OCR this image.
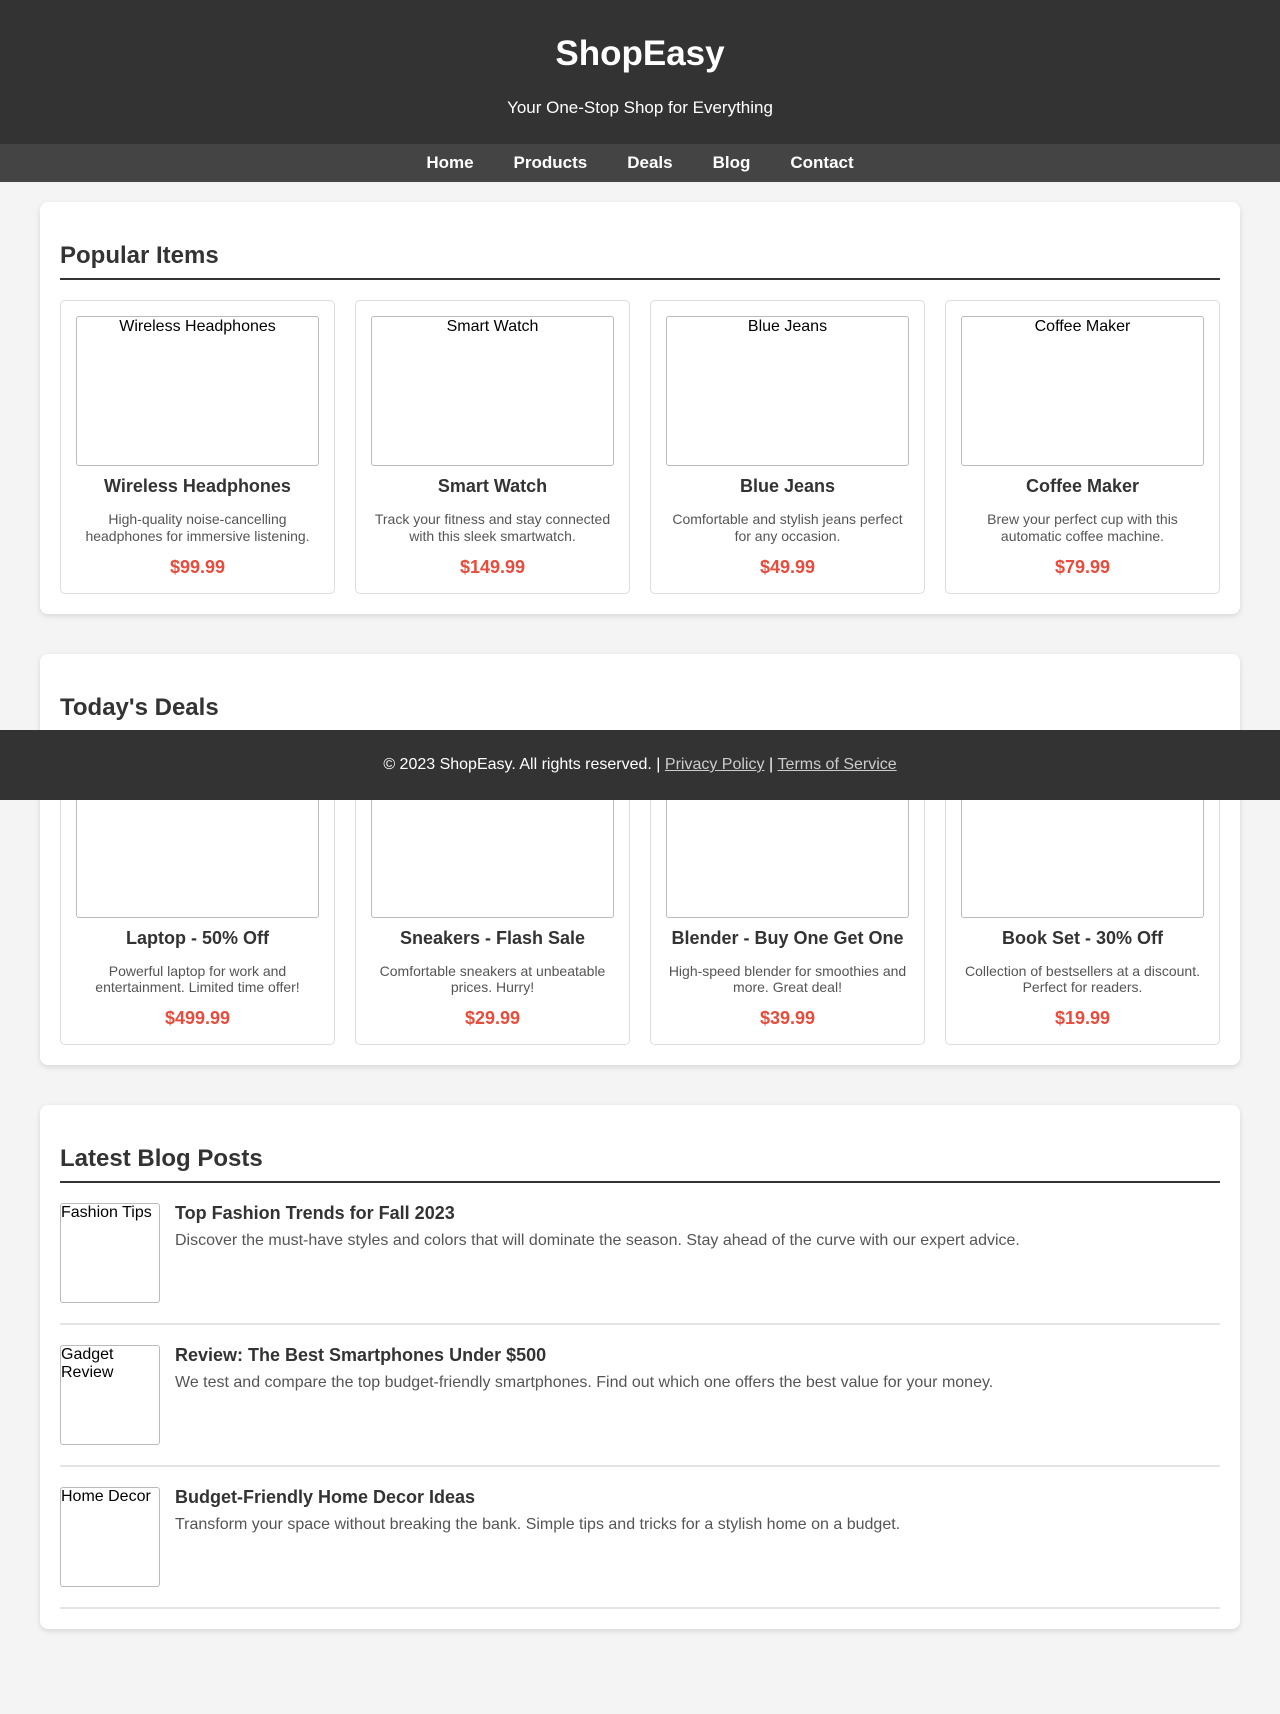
ShopEasy

Your One-Stop Shop for Everything

Home Products Deals Blog Contact
Popular Items
Wireless Headphones
Wireless Headphones

High-quality noise-cancelling headphones for immersive listening.

$99.99
Smart Watch
Smart Watch

Track your fitness and stay connected with this sleek smartwatch.

$149.99
Blue Jeans
Blue Jeans

Comfortable and stylish jeans perfect for any occasion.

$49.99
Coffee Maker
Coffee Maker

Brew your perfect cup with this automatic coffee machine.

$79.99
Today's Deals
Laptop - 50% Off

Powerful laptop for work and entertainment. Limited time offer!

$499.99
Sneakers - Flash Sale

Comfortable sneakers at unbeatable prices. Hurry!

$29.99
Blender - Buy One Get One

High-speed blender for smoothies and more. Great deal!

$39.99
Book Set - 30% Off

Collection of bestsellers at a discount. Perfect for readers.

$19.99
Latest Blog Posts
Fashion Tips	Top Fashion Trends for Fall 2023

Discover the must-have styles and colors that will dominate the season. Stay ahead of the curve with our expert advice.

Gadget Review
Review: The Best Smartphones Under $500

We test and compare the top budget-friendly smartphones. Find out which one offers the best value for your money.

Home Decor	Budget-Friendly Home Decor Ideas

Transform your space without breaking the bank. Simple tips and tricks for a stylish home on a budget.

© 2023 ShopEasy. All rights reserved.
|
Privacy Policy
|
Terms of Service
